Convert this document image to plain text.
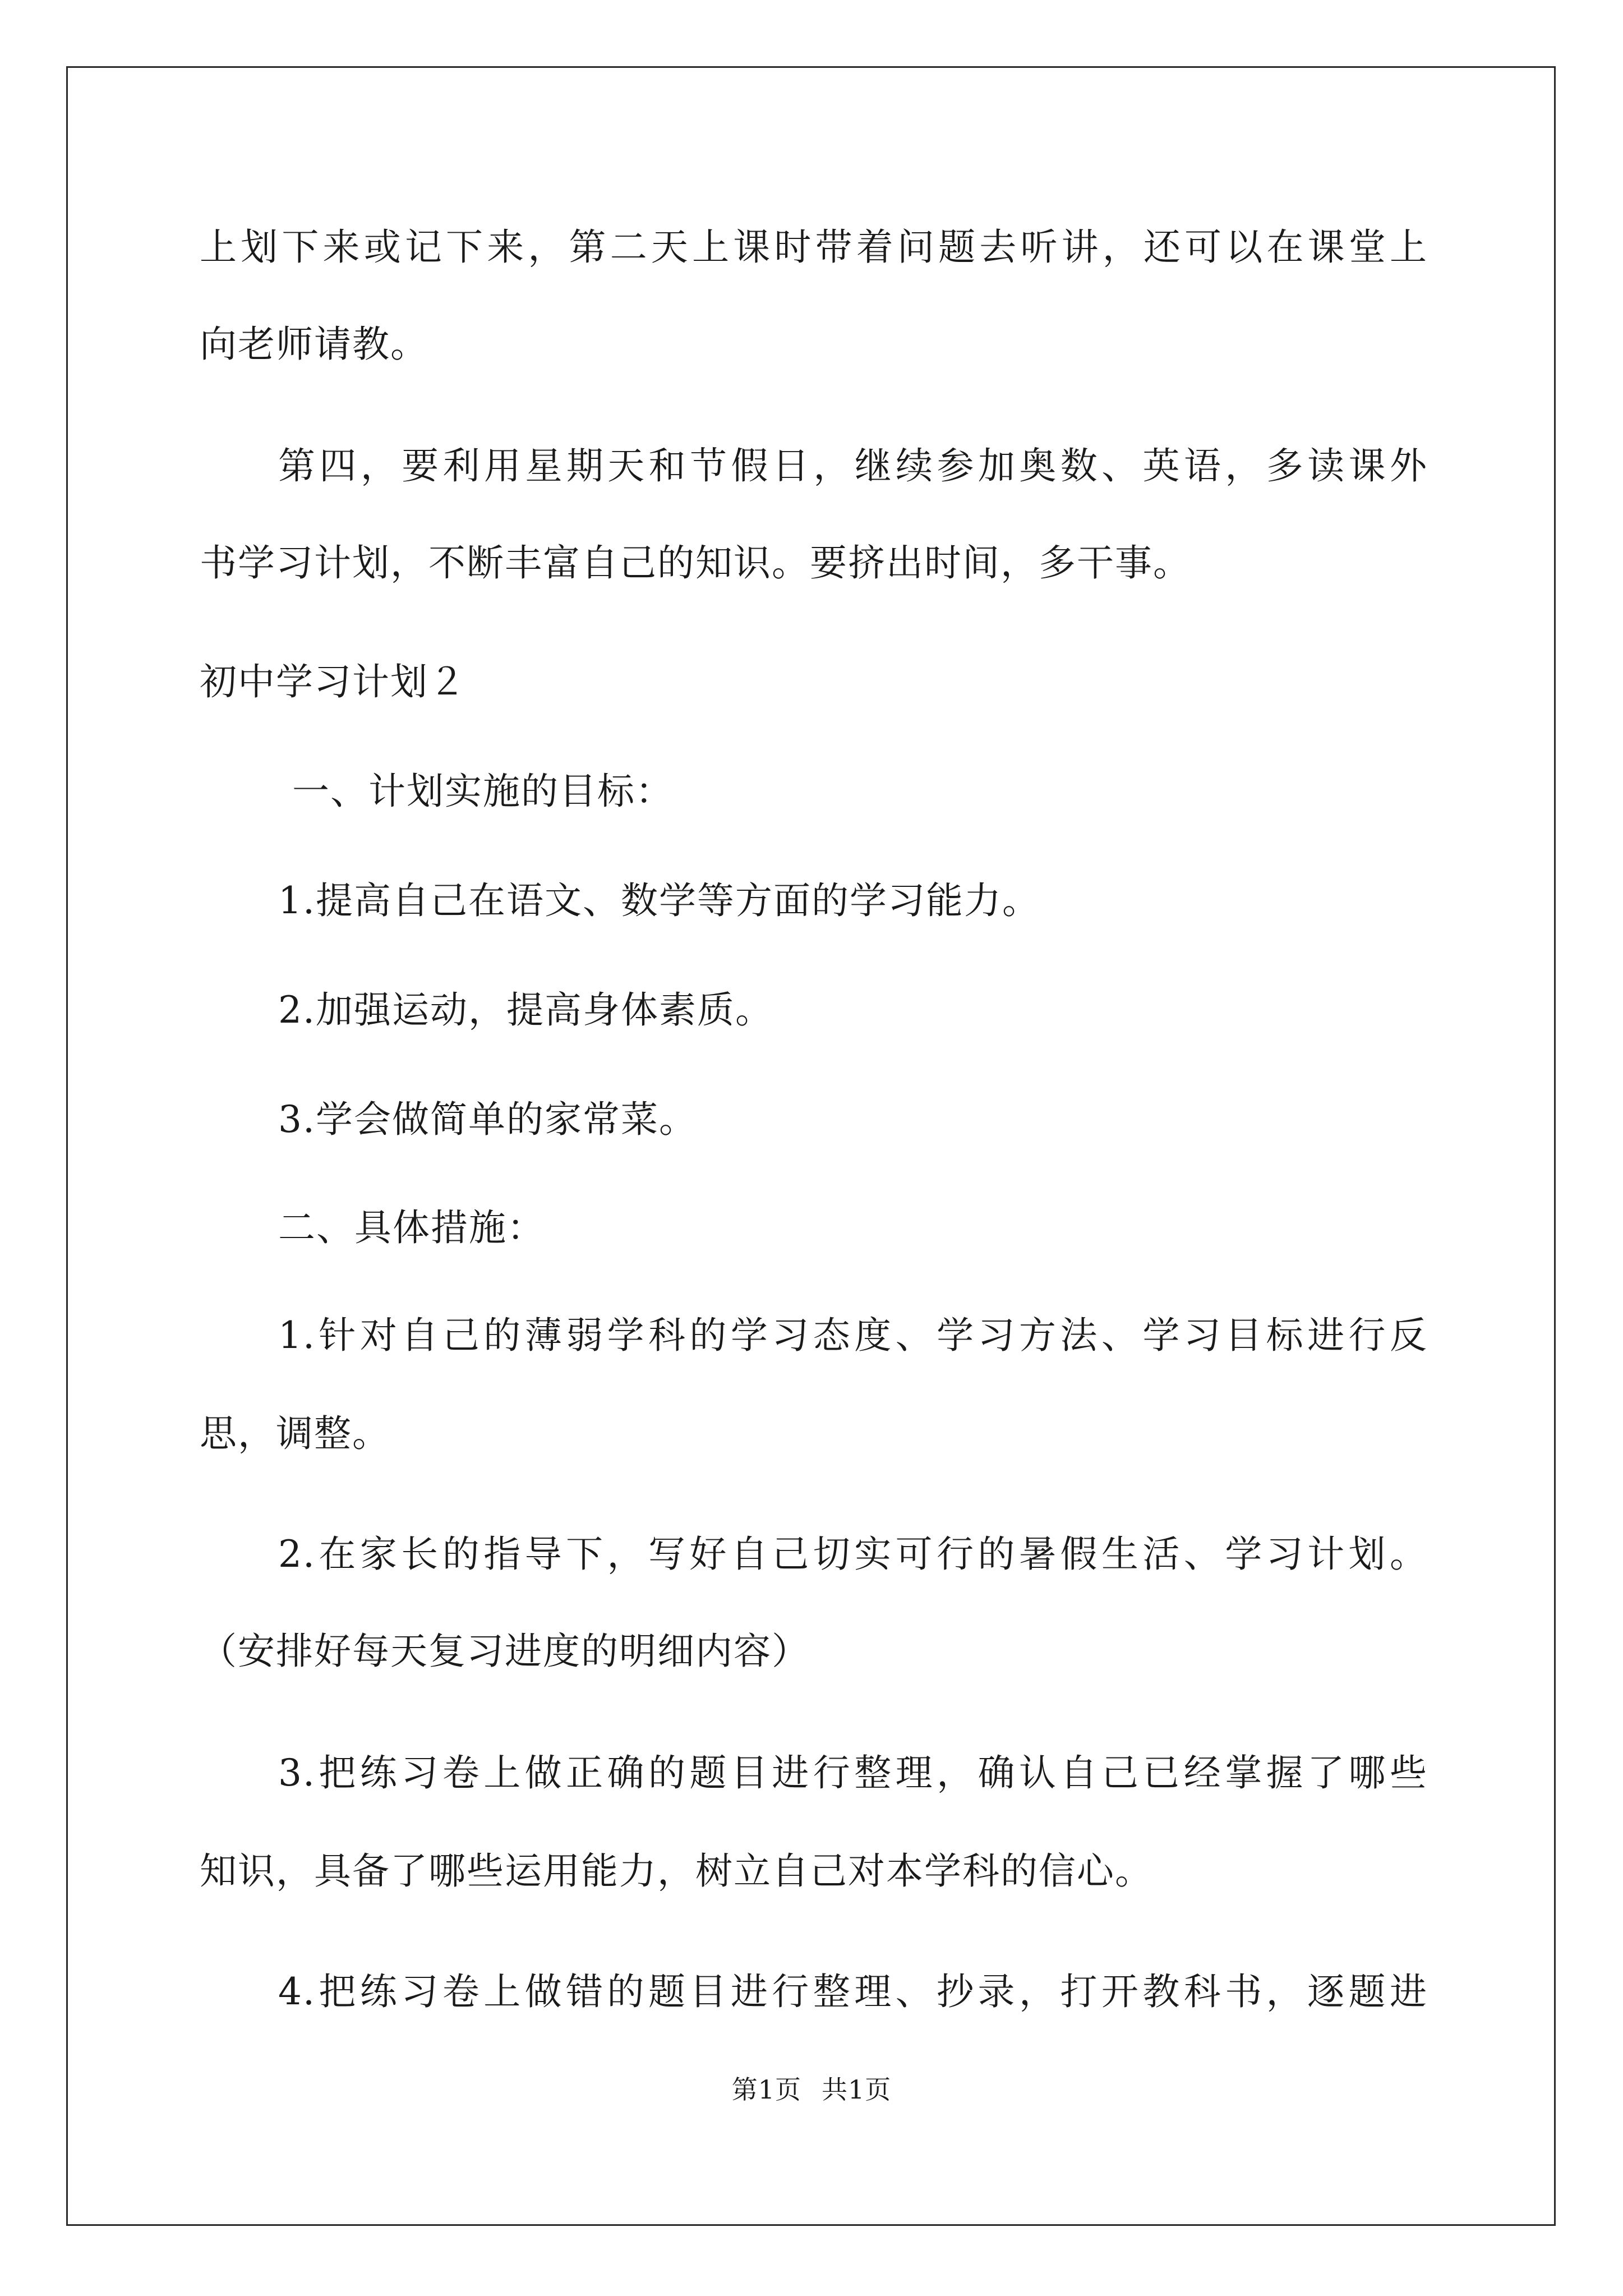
上划下来或记下来，第二天上课时带着问题去听讲，还可以在课堂上
向老师请教。
第四，要利用星期天和节假日，继续参加奥数、英语，多读课外
书学习计划，不断丰富自己的知识。要挤出时间，多干事。
初中学习计划２
一、计划实施的目标：
1.提高自己在语文、数学等方面的学习能力。
2.加强运动，提高身体素质。
3.学会做简单的家常菜。
二、具体措施：
1.针对自己的薄弱学科的学习态度、学习方法、学习目标进行反
思，调整。
2.在家长的指导下，写好自己切实可行的暑假生活、学习计划。
（安排好每天复习进度的明细内容）
3.把练习卷上做正确的题目进行整理，确认自己已经掌握了哪些
知识，具备了哪些运用能力，树立自己对本学科的信心。
4.把练习卷上做错的题目进行整理、抄录，打开教科书，逐题进
第1页 共1页
